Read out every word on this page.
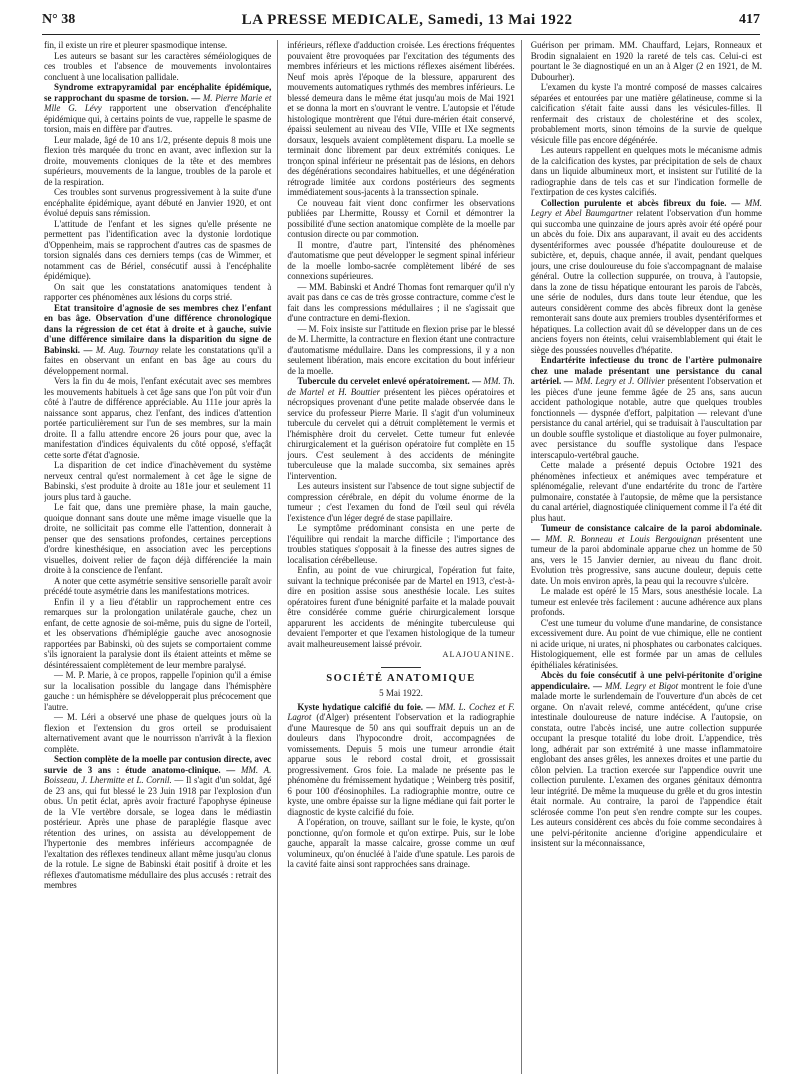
N° 38	LA PRESSE MEDICALE, Samedi, 13 Mai 1922	417

fin, il existe un rire et pleurer spasmodique intense.

Les auteurs se basant sur les caractères séméiologiques de ces troubles et l'absence de mouvements involontaires concluent à une localisation pallidale.

Syndrome extrapyramidal par encéphalite épidémique, se rapprochant du spasme de torsion. — M. Pierre Marie et Mlle G. Lévy rapportent une observation d'encéphalite épidémique qui, à certains points de vue, rappelle le spasme de torsion, mais en diffère par d'autres.

Leur malade, âgé de 10 ans 1/2, présente depuis 8 mois une flexion très marquée du tronc en avant, avec inflexion sur la droite, mouvements cloniques de la tête et des membres supérieurs, mouvements de la langue, troubles de la parole et de la respiration.

Ces troubles sont survenus progressivement à la suite d'une encéphalite épidémique, ayant débuté en Janvier 1920, et ont évolué depuis sans rémission.

L'attitude de l'enfant et les signes qu'elle présente ne permettent pas l'identification avec la dystonie lordotique d'Oppenheim, mais se rapprochent d'autres cas de spasmes de torsion signalés dans ces derniers temps (cas de Wimmer, et notamment cas de Bériel, consécutif aussi à l'encéphalite épidémique).

On sait que les constatations anatomiques tendent à rapporter ces phénomènes aux lésions du corps strié.

Etat transitoire d'agnosie de ses membres chez l'enfant en bas âge. Observation d'une différence chronologique dans la régression de cet état à droite et à gauche, suivie d'une différence similaire dans la disparition du signe de Babinski. — M. Aug. Tournay relate les constatations qu'il a faites en observant un enfant en bas âge au cours du développement normal.

Vers la fin du 4e mois, l'enfant exécutait avec ses membres les mouvements habituels à cet âge sans que l'on pût voir d'un côté à l'autre de différence appréciable. Au 111e jour après la naissance sont apparus, chez l'enfant, des indices d'attention portée particulièrement sur l'un de ses membres, sur la main droite. Il a fallu attendre encore 26 jours pour que, avec la manifestation d'indices équivalents du côté opposé, s'effaçât cette sorte d'état d'agnosie.

La disparition de cet indice d'inachèvement du système nerveux central qu'est normalement à cet âge le signe de Babinski, s'est produite à droite au 181e jour et seulement 11 jours plus tard à gauche.

Le fait que, dans une première phase, la main gauche, quoique donnant sans doute une même image visuelle que la droite, ne sollicitait pas comme elle l'attention, donnerait à penser que des sensations profondes, certaines perceptions d'ordre kinesthésique, en association avec les perceptions visuelles, doivent relier de façon déjà différenciée la main droite à la conscience de l'enfant.

A noter que cette asymétrie sensitive sensorielle paraît avoir précédé toute asymétrie dans les manifestations motrices.

Enfin il y a lieu d'établir un rapprochement entre ces remarques sur la prolongation unilatérale gauche, chez un enfant, de cette agnosie de soi-même, puis du signe de l'orteil, et les observations d'hémiplégie gauche avec anosognosie rapportées par Babinski, où des sujets se comportaient comme s'ils ignoraient la paralysie dont ils étaient atteints et même se désintéressaient complètement de leur membre paralysé.

— M. P. Marie, à ce propos, rappelle l'opinion qu'il a émise sur la localisation possible du langage dans l'hémisphère gauche : un hémisphère se développerait plus précocement que l'autre.

— M. Léri a observé une phase de quelques jours où la flexion et l'extension du gros orteil se produisaient alternativement avant que le nourrisson n'arrivât à la flexion complète.

Section complète de la moelle par contusion directe, avec survie de 3 ans : étude anatomo-clinique. — MM. A. Boisseau, J. Lhermitte et L. Cornil. — Il s'agit d'un soldat, âgé de 23 ans, qui fut blessé le 23 Juin 1918 par l'explosion d'un obus. Un petit éclat, après avoir fracturé l'apophyse épineuse de la VIe vertèbre dorsale, se logea dans le médiastin postérieur. Après une phase de paraplégie flasque avec rétention des urines, on assista au développement de l'hypertonie des membres inférieurs accompagnée de l'exaltation des réflexes tendineux allant même jusqu'au clonus de la rotule. Le signe de Babinski était positif à droite et les réflexes d'automatisme médullaire des plus accusés : retrait des membres

inférieurs, réflexe d'adduction croisée. Les érections fréquentes pouvaient être provoquées par l'excitation des téguments des membres inférieurs et les mictions réflexes aisément libérées. Neuf mois après l'époque de la blessure, apparurent des mouvements automatiques rythmés des membres inférieurs. Le blessé demeura dans le même état jusqu'au mois de Mai 1921 et se donna la mort en s'ouvrant le ventre. L'autopsie et l'étude histologique montrèrent que l'étui dure-mérien était conservé, épaissi seulement au niveau des VIIe, VIIIe et IXe segments dorsaux, lesquels avaient complètement disparu. La moelle se terminait donc librement par deux extrémités coniques. Le tronçon spinal inférieur ne présentait pas de lésions, en dehors des dégénérations secondaires habituelles, et une dégénération rétrograde limitée aux cordons postérieurs des segments immédiatement sous-jacents à la transsection spinale.

Ce nouveau fait vient donc confirmer les observations publiées par Lhermitte, Roussy et Cornil et démontrer la possibilité d'une section anatomique complète de la moelle par contusion directe ou par commotion.

Il montre, d'autre part, l'intensité des phénomènes d'automatisme que peut développer le segment spinal inférieur de la moelle lombo-sacrée complètement libéré de ses connexions supérieures.

— MM. Babinski et André Thomas font remarquer qu'il n'y avait pas dans ce cas de très grosse contracture, comme c'est le fait dans les compressions médullaires ; il ne s'agissait que d'une contracture en demi-flexion.

— M. Foix insiste sur l'attitude en flexion prise par le blessé de M. Lhermitte, la contracture en flexion étant une contracture d'automatisme médullaire. Dans les compressions, il y a non seulement libération, mais encore excitation du bout inférieur de la moelle.

Tubercule du cervelet enlevé opératoirement. — MM. Th. de Martel et H. Bouttier présentent les pièces opératoires et nécropsiques provenant d'une petite malade observée dans le service du professeur Pierre Marie. Il s'agit d'un volumineux tubercule du cervelet qui a détruit complètement le vermis et l'hémisphère droit du cervelet. Cette tumeur fut enlevée chirurgicalement et la guérison opératoire fut complète en 15 jours. C'est seulement à des accidents de méningite tuberculeuse que la malade succomba, six semaines après l'intervention.

Les auteurs insistent sur l'absence de tout signe subjectif de compression cérébrale, en dépit du volume énorme de la tumeur ; c'est l'examen du fond de l'œil seul qui révéla l'existence d'un léger degré de stase papillaire.

Le symptôme prédominant consista en une perte de l'équilibre qui rendait la marche difficile ; l'importance des troubles statiques s'opposait à la finesse des autres signes de localisation cérébelleuse.

Enfin, au point de vue chirurgical, l'opération fut faite, suivant la technique préconisée par de Martel en 1913, c'est-à-dire en position assise sous anesthésie locale. Les suites opératoires furent d'une bénignité parfaite et la malade pouvait être considérée comme guérie chirurgicalement lorsque apparurent les accidents de méningite tuberculeuse qui devaient l'emporter et que l'examen histologique de la tumeur avait malheureusement laissé prévoir.

ALAJOUANINE.
SOCIÉTÉ ANATOMIQUE
5 Mai 1922.

Kyste hydatique calcifié du foie. — MM. L. Cochez et F. Lagrot (d'Alger) présentent l'observation et la radiographie d'une Mauresque de 50 ans qui souffrait depuis un an de douleurs dans l'hypocondre droit, accompagnées de vomissements. Depuis 5 mois une tumeur arrondie était apparue sous le rebord costal droit, et grossissait progressivement. Gros foie. La malade ne présente pas le phénomène du frémissement hydatique ; Weinberg très positif, 6 pour 100 d'éosinophiles. La radiographie montre, outre ce kyste, une ombre épaisse sur la ligne médiane qui fait porter le diagnostic de kyste calcifié du foie.

A l'opération, on trouve, saillant sur le foie, le kyste, qu'on ponctionne, qu'on formole et qu'on extirpe. Puis, sur le lobe gauche, apparaît la masse calcaire, grosse comme un œuf volumineux, qu'on énucléé à l'aide d'une spatule. Les parois de la cavité faite ainsi sont rapprochées sans drainage.

Guérison per primam. MM. Chauffard, Lejars, Ronneaux et Brodin signalaient en 1920 la rareté de tels cas. Celui-ci est pourtant le 3e diagnostiqué en un an à Alger (2 en 1921, de M. Dubourher).

L'examen du kyste l'a montré composé de masses calcaires séparées et entourées par une matière gélatineuse, comme si la calcification s'était faite aussi dans les vésicules-filles. Il renfermait des cristaux de cholestérine et des scolex, probablement morts, sinon témoins de la survie de quelque vésicule fille pas encore dégénérée.

Les auteurs rappellent en quelques mots le mécanisme admis de la calcification des kystes, par précipitation de sels de chaux dans un liquide albumineux mort, et insistent sur l'utilité de la radiographie dans de tels cas et sur l'indication formelle de l'extirpation de ces kystes calcifiés.

Collection purulente et abcès fibreux du foie. — MM. Legry et Abel Baumgartner relatent l'observation d'un homme qui succomba une quinzaine de jours après avoir été opéré pour un abcès du foie. Dix ans auparavant, il avait eu des accidents dysentériformes avec poussée d'hépatite douloureuse et de subictère, et, depuis, chaque année, il avait, pendant quelques jours, une crise douloureuse du foie s'accompagnant de malaise général. Outre la collection suppurée, on trouva, à l'autopsie, dans la zone de tissu hépatique entourant les parois de l'abcès, une série de nodules, durs dans toute leur étendue, que les auteurs considèrent comme des abcès fibreux dont la genèse remonterait sans doute aux premiers troubles dysentériformes et hépatiques. La collection avait dû se développer dans un de ces anciens foyers non éteints, celui vraisemblablement qui était le siège des poussées nouvelles d'hépatite.

Endartérite infectieuse du tronc de l'artère pulmonaire chez une malade présentant une persistance du canal artériel. — MM. Legry et J. Ollivier présentent l'observation et les pièces d'une jeune femme âgée de 25 ans, sans aucun accident pathologique notable, autre que quelques troubles fonctionnels — dyspnée d'effort, palpitation — relevant d'une persistance du canal artériel, qui se traduisait à l'auscultation par un double souffle systolique et diastolique au foyer pulmonaire, avec persistance du souffle systolique dans l'espace interscapulo-vertébral gauche.

Cette malade a présenté depuis Octobre 1921 des phénomènes infectieux et anémiques avec température et splénomégalie, relevant d'une endartérite du tronc de l'artère pulmonaire, constatée à l'autopsie, de même que la persistance du canal artériel, diagnostiquée cliniquement comme il l'a été dit plus haut.

Tumeur de consistance calcaire de la paroi abdominale. — MM. R. Bonneau et Louis Bergouignan présentent une tumeur de la paroi abdominale apparue chez un homme de 50 ans, vers le 15 Janvier dernier, au niveau du flanc droit. Evolution très progressive, sans aucune douleur, depuis cette date. Un mois environ après, la peau qui la recouvre s'ulcère.

Le malade est opéré le 15 Mars, sous anesthésie locale. La tumeur est enlevée très facilement : aucune adhérence aux plans profonds.

C'est une tumeur du volume d'une mandarine, de consistance excessivement dure. Au point de vue chimique, elle ne contient ni acide urique, ni urates, ni phosphates ou carbonates calciques. Histologiquement, elle est formée par un amas de cellules épithéliales kératinisées.

Abcès du foie consécutif à une pelvi-péritonite d'origine appendiculaire. — MM. Legry et Bigot montrent le foie d'une malade morte le surlendemain de l'ouverture d'un abcès de cet organe. On n'avait relevé, comme antécédent, qu'une crise intestinale douloureuse de nature indécise. A l'autopsie, on constata, outre l'abcès incisé, une autre collection suppurée occupant la presque totalité du lobe droit. L'appendice, très long, adhérait par son extrémité à une masse inflammatoire englobant des anses grêles, les annexes droites et une partie du côlon pelvien. La traction exercée sur l'appendice ouvrit une collection purulente. L'examen des organes génitaux démontra leur intégrité. De même la muqueuse du grêle et du gros intestin était normale. Au contraire, la paroi de l'appendice était sclérosée comme l'on peut s'en rendre compte sur les coupes. Les auteurs considèrent ces abcès du foie comme secondaires à une pelvi-péritonite ancienne d'origine appendiculaire et insistent sur la méconnaissance,
